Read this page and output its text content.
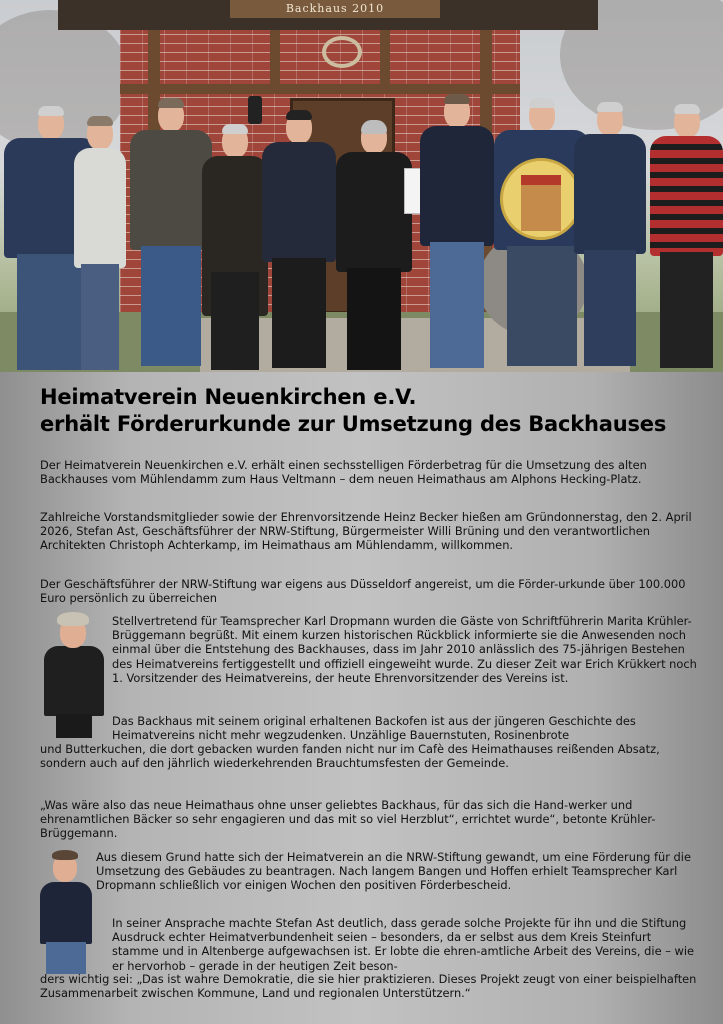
Backhaus 2010
Heimatverein Neuenkirchen e.V.
erhält Förderurkunde zur Umsetzung des Backhauses

Der Heimatverein Neuenkirchen e.V. erhält einen sechsstelligen Förderbetrag für die Umsetzung des alten Backhauses vom Mühlendamm zum Haus Veltmann – dem neuen Heimathaus am Alphons Hecking-Platz.

Zahlreiche Vorstandsmitglieder sowie der Ehrenvorsitzende Heinz Becker hießen am Gründonnerstag, den 2. April 2026, Stefan Ast, Geschäftsführer der NRW-Stiftung, Bürgermeister Willi Brüning und den verantwortlichen Architekten Christoph Achterkamp, im Heimathaus am Mühlendamm, willkommen.

Der Geschäftsführer der NRW-Stiftung war eigens aus Düsseldorf angereist, um die Förder-urkunde über 100.000 Euro persönlich zu überreichen

Stellvertretend für Teamsprecher Karl Dropmann wurden die Gäste von Schriftführerin Marita Krühler-Brüggemann begrüßt. Mit einem kurzen historischen Rückblick informierte sie die Anwesenden noch einmal über die Entstehung des Backhauses, dass im Jahr 2010 anlässlich des 75-jährigen Bestehen des Heimatvereins fertiggestellt und offiziell eingeweiht wurde. Zu dieser Zeit war Erich Krükkert noch 1. Vorsitzender des Heimatvereins, der heute Ehrenvorsitzender des Vereins ist.

Das Backhaus mit seinem original erhaltenen Backofen ist aus der jüngeren Geschichte des Heimatvereins nicht mehr wegzudenken. Unzählige Bauernstuten, Rosinenbrote

und Butterkuchen, die dort gebacken wurden fanden nicht nur im Cafè des Heimathauses reißenden Absatz, sondern auch auf den jährlich wiederkehrenden Brauchtumsfesten der Gemeinde.

„Was wäre also das neue Heimathaus ohne unser geliebtes Backhaus, für das sich die Hand-werker und ehrenamtlichen Bäcker so sehr engagieren und das mit so viel Herzblut“, errichtet wurde“, betonte Krühler-Brüggemann.

Aus diesem Grund hatte sich der Heimatverein an die NRW-Stiftung gewandt, um eine Förderung für die Umsetzung des Gebäudes zu beantragen. Nach langem Bangen und Hoffen erhielt Teamsprecher Karl Dropmann schließlich vor einigen Wochen den positiven Förderbescheid.

In seiner Ansprache machte Stefan Ast deutlich, dass gerade solche Projekte für ihn und die Stiftung Ausdruck echter Heimatverbundenheit seien – besonders, da er selbst aus dem Kreis Steinfurt stamme und in Altenberge aufgewachsen ist. Er lobte die ehren-amtliche Arbeit des Vereins, die – wie er hervorhob – gerade in der heutigen Zeit beson-

ders wichtig sei: „Das ist wahre Demokratie, die sie hier praktizieren. Dieses Projekt zeugt von einer beispielhaften Zusammenarbeit zwischen Kommune, Land und regionalen Unterstützern.“
